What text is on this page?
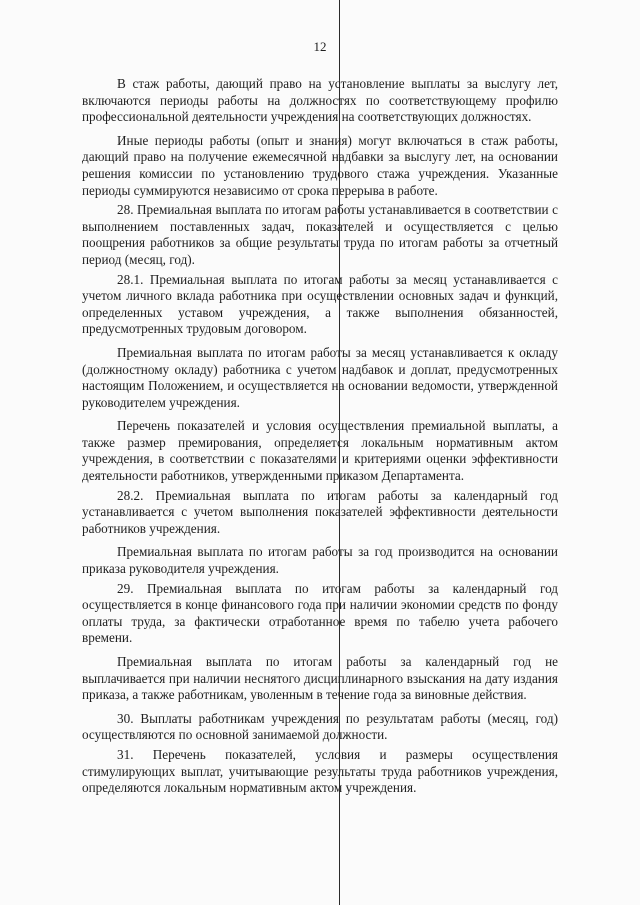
12

В стаж работы, дающий право на установление выплаты за выслугу лет, включаются периоды работы на должностях по соответствующему профилю профессиональной деятельности учреждения на соответствующих должностях.

Иные периоды работы (опыт и знания) могут включаться в стаж работы, дающий право на получение ежемесячной надбавки за выслугу лет, на основании решения комиссии по установлению трудового стажа учреждения. Указанные периоды суммируются независимо от срока перерыва в работе.

28. Премиальная выплата по итогам работы устанавливается в соответствии с выполнением поставленных задач, показателей и осуществляется с целью поощрения работников за общие результаты труда по итогам работы за отчетный период (месяц, год).

28.1. Премиальная выплата по итогам работы за месяц устанавливается с учетом личного вклада работника при осуществлении основных задач и функций, определенных уставом учреждения, а также выполнения обязанностей, предусмотренных трудовым договором.

Премиальная выплата по итогам работы за месяц устанавливается к окладу (должностному окладу) работника с учетом надбавок и доплат, предусмотренных настоящим Положением, и осуществляется на основании ведомости, утвержденной руководителем учреждения.

Перечень показателей и условия осуществления премиальной выплаты, а также размер премирования, определяется локальным нормативным актом учреждения, в соответствии с показателями и критериями оценки эффективности деятельности работников, утвержденными приказом Департамента.

28.2. Премиальная выплата по итогам работы за календарный год устанавливается с учетом выполнения показателей эффективности деятельности работников учреждения.

Премиальная выплата по итогам работы за год производится на основании приказа руководителя учреждения.

29. Премиальная выплата по итогам работы за календарный год осуществляется в конце финансового года при наличии экономии средств по фонду оплаты труда, за фактически отработанное время по табелю учета рабочего времени.

Премиальная выплата по итогам работы за календарный год не выплачивается при наличии неснятого дисциплинарного взыскания на дату издания приказа, а также работникам, уволенным в течение года за виновные действия.

30. Выплаты работникам учреждения по результатам работы (месяц, год) осуществляются по основной занимаемой должности.

31. Перечень показателей, условия и размеры осуществления стимулирующих выплат, учитывающие результаты труда работников учреждения, определяются локальным нормативным актом учреждения.
